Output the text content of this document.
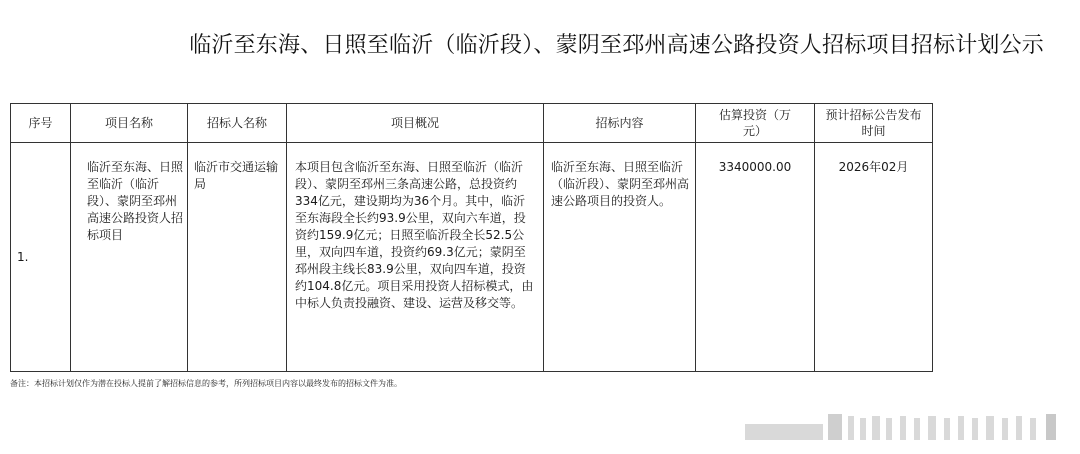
临沂至东海、日照至临沂（临沂段）、蒙阴至邳州高速公路投资人招标项目招标计划公示
序号	项目名称	招标人名称	项目概况	招标内容	估算投资（万元）	预计招标公告发布时间
1.	临沂至东海、日照至临沂（临沂段）、蒙阴至邳州高速公路投资人招标项目	临沂市交通运输局	本项目包含临沂至东海、日照至临沂（临沂段）、蒙阴至邳州三条高速公路，总投资约334亿元，建设期均为36个月。其中，临沂至东海段全长约93.9公里，双向六车道，投资约159.9亿元；日照至临沂段全长52.5公里，双向四车道，投资约69.3亿元；蒙阴至邳州段主线长83.9公里，双向四车道，投资约104.8亿元。项目采用投资人招标模式，由中标人负责投融资、建设、运营及移交等。	临沂至东海、日照至临沂（临沂段）、蒙阴至邳州高速公路项目的投资人。	3340000.00	2026年02月
备注：本招标计划仅作为潜在投标人提前了解招标信息的参考，所列招标项目内容以最终发布的招标文件为准。
